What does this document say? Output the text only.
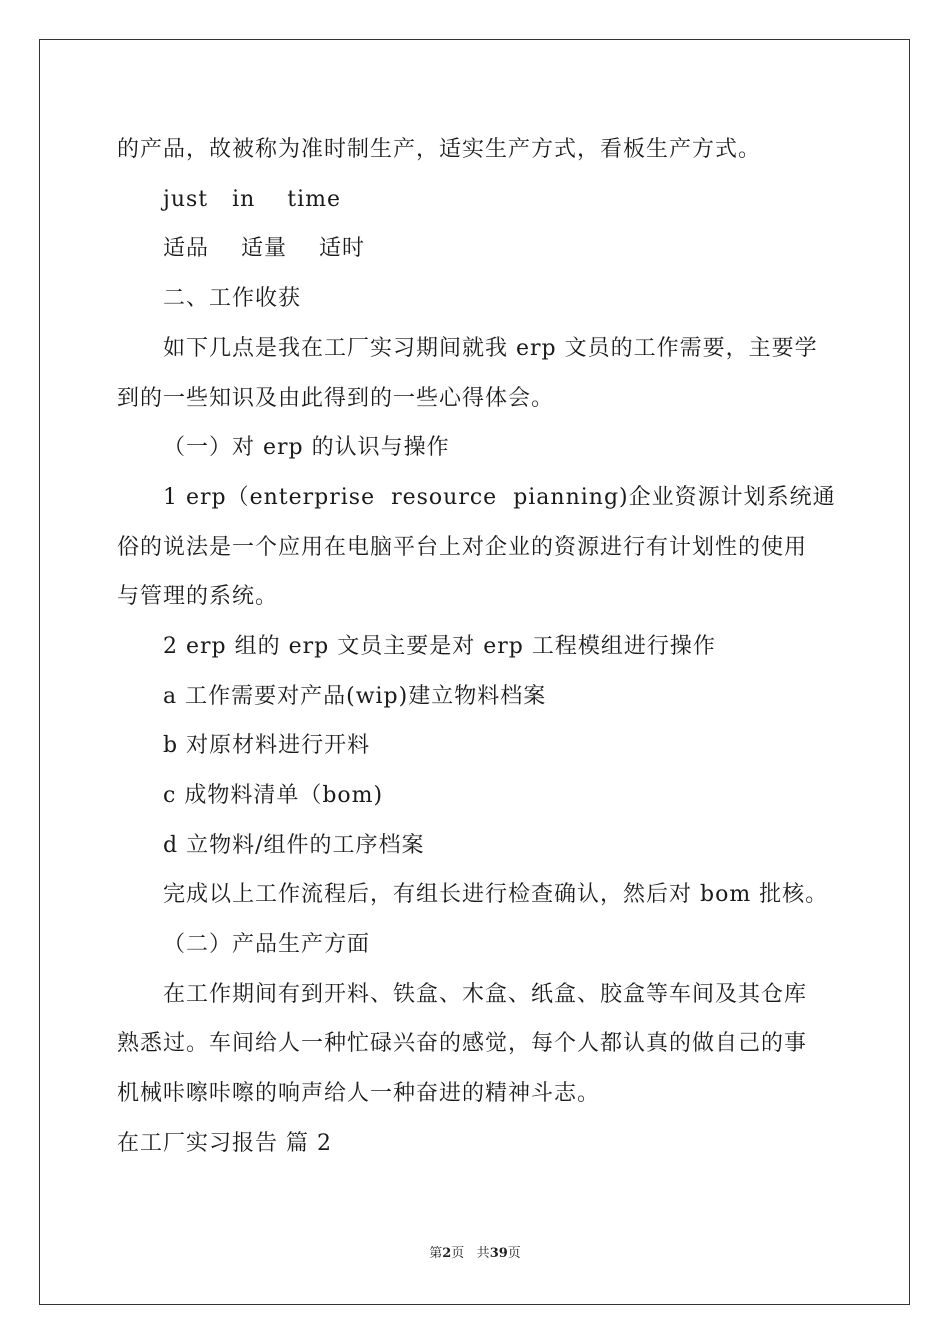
的产品，故被称为准时制生产，适实生产方式，看板生产方式。
just   in    time
适品    适量    适时
二、工作收获
如下几点是我在工厂实习期间就我 erp 文员的工作需要，主要学
到的一些知识及由此得到的一些心得体会。
（一）对 erp 的认识与操作
1 erp（enterprise  resource  pianning)企业资源计划系统通
俗的说法是一个应用在电脑平台上对企业的资源进行有计划性的使用
与管理的系统。
2 erp 组的 erp 文员主要是对 erp 工程模组进行操作
a 工作需要对产品(wip)建立物料档案
b 对原材料进行开料
c 成物料清单（bom)
d 立物料/组件的工序档案
完成以上工作流程后，有组长进行检查确认，然后对 bom 批核。
（二）产品生产方面
在工作期间有到开料、铁盒、木盒、纸盒、胶盒等车间及其仓库
熟悉过。车间给人一种忙碌兴奋的感觉，每个人都认真的做自己的事
机械咔嚓咔嚓的响声给人一种奋进的精神斗志。
在工厂实习报告 篇 2
第2页 共39页
